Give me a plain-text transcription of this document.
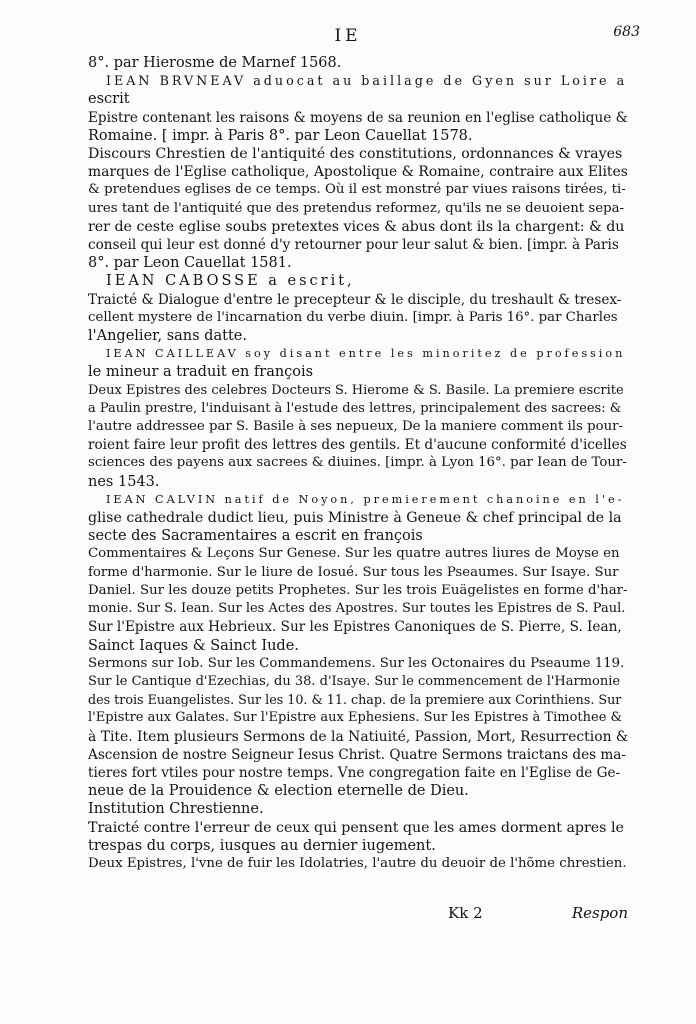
IE	683
8°. par Hierosme de Marnef 1568.
IEAN BRVNEAV aduocat au baillage de Gyen sur Loire a
escrit
Epistre contenant les raisons & moyens de sa reunion en l'eglise catholique &
Romaine. [ impr. à Paris 8°. par Leon Cauellat 1578.
Discours Chrestien de l'antiquité des constitutions, ordonnances & vrayes
marques de l'Eglise catholique, Apostolique & Romaine, contraire aux Elites
& pretendues eglises de ce temps. Où il est monstré par viues raisons tirées, ti-
ures tant de l'antiquité que des pretendus reformez, qu'ils ne se deuoient sepa-
rer de ceste eglise soubs pretextes vices & abus dont ils la chargent: & du
conseil qui leur est donné d'y retourner pour leur salut & bien. [impr. à Paris
8°. par Leon Cauellat 1581.
IEAN CABOSSE a escrit,
Traicté & Dialogue d'entre le precepteur & le disciple, du treshault & tresex-
cellent mystere de l'incarnation du verbe diuin. [impr. à Paris 16°. par Charles
l'Angelier, sans datte.
IEAN CAILLEAV soy disant entre les minoritez de profession
le mineur a traduit en françois
Deux Epistres des celebres Docteurs S. Hierome & S. Basile. La premiere escrite
a Paulin prestre, l'induisant à l'estude des lettres, principalement des sacrees: &
l'autre addressee par S. Basile à ses nepueux, De la maniere comment ils pour-
roient faire leur profit des lettres des gentils. Et d'aucune conformité d'icelles
sciences des payens aux sacrees & diuines. [impr. à Lyon 16°. par Iean de Tour-
nes 1543.
IEAN CALVIN natif de Noyon, premierement chanoine en l'e-
glise cathedrale dudict lieu, puis Ministre à Geneue & chef principal de la
secte des Sacramentaires a escrit en françois
Commentaires & Leçons Sur Genese. Sur les quatre autres liures de Moyse en
forme d'harmonie. Sur le liure de Iosué. Sur tous les Pseaumes. Sur Isaye. Sur
Daniel. Sur les douze petits Prophetes. Sur les trois Euägelistes en forme d'har-
monie. Sur S. Iean. Sur les Actes des Apostres. Sur toutes les Epistres de S. Paul.
Sur l'Epistre aux Hebrieux. Sur les Epistres Canoniques de S. Pierre, S. Iean,
Sainct Iaques & Sainct Iude.
Sermons sur Iob. Sur les Commandemens. Sur les Octonaires du Pseaume 119.
Sur le Cantique d'Ezechias, du 38. d'Isaye. Sur le commencement de l'Harmonie
des trois Euangelistes. Sur les 10. & 11. chap. de la premiere aux Corinthiens. Sur
l'Epistre aux Galates. Sur l'Epistre aux Ephesiens. Sur les Epistres à Timothee &
à Tite. Item plusieurs Sermons de la Natiuité, Passion, Mort, Resurrection &
Ascension de nostre Seigneur Iesus Christ. Quatre Sermons traictans des ma-
tieres fort vtiles pour nostre temps. Vne congregation faite en l'Eglise de Ge-
neue de la Prouidence & election eternelle de Dieu.
Institution Chrestienne.
Traicté contre l'erreur de ceux qui pensent que les ames dorment apres le
trespas du corps, iusques au dernier iugement.
Deux Epistres, l'vne de fuir les Idolatries, l'autre du deuoir de l'hõme chrestien.
Kk 2	Respon
